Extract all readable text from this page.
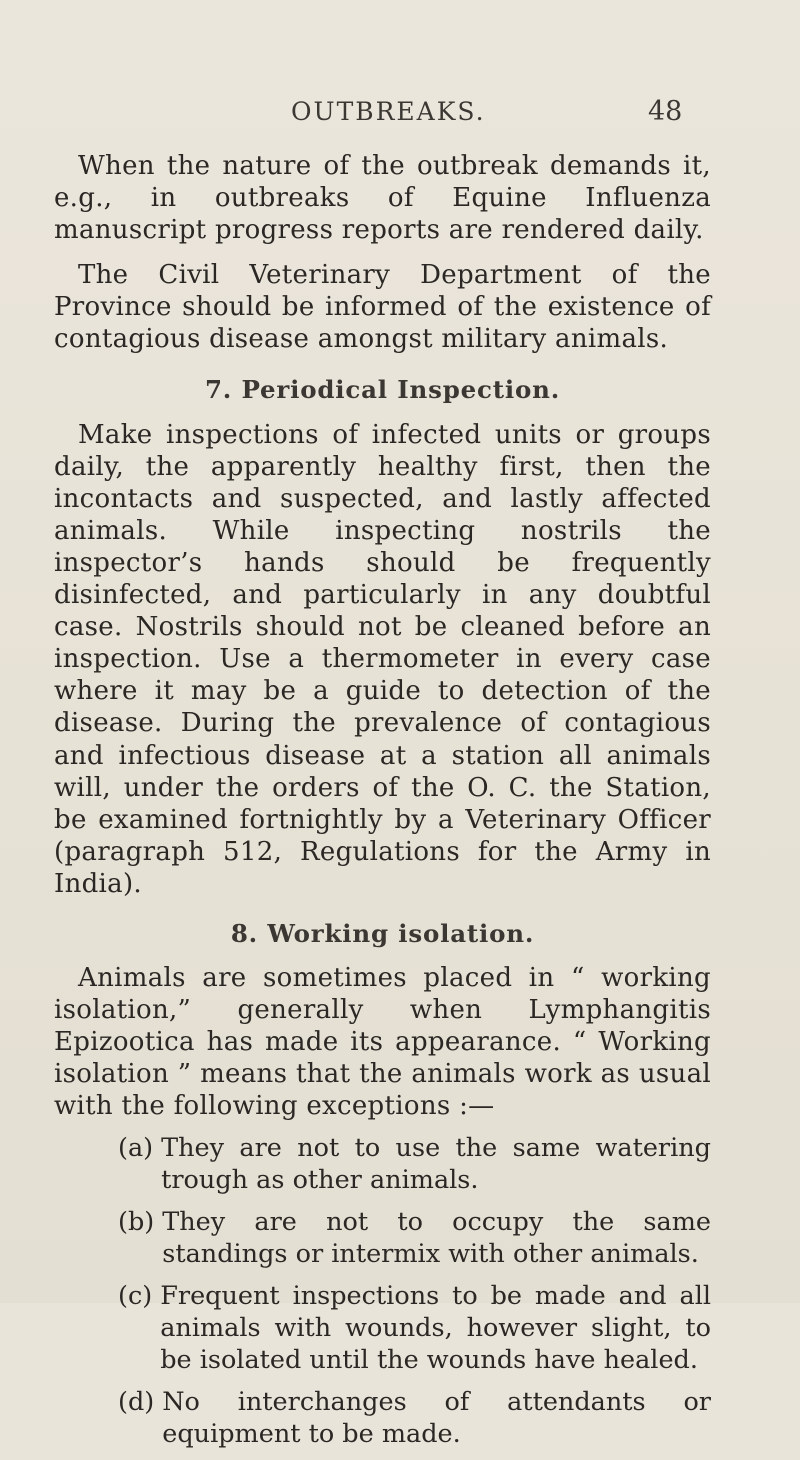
OUTBREAKS.	48

When the nature of the outbreak demands it, e.g., in outbreaks of Equine Influenza manuscript progress reports are rendered daily.

The Civil Veterinary Department of the Province should be informed of the existence of contagious disease amongst military animals.

7. Periodical Inspection.

Make inspections of infected units or groups daily, the apparently healthy first, then the incontacts and suspected, and lastly affected animals. While inspecting nostrils the inspector’s hands should be frequently disinfected, and particularly in any doubtful case. Nostrils should not be cleaned before an inspection. Use a thermometer in every case where it may be a guide to detection of the disease. During the prevalence of contagious and infectious disease at a station all animals will, under the orders of the O. C. the Station, be examined fortnightly by a Veterinary Officer (paragraph 512, Regulations for the Army in India).

8. Working isolation.

Animals are sometimes placed in “ working isolation,” generally when Lymphangitis Epizootica has made its appearance. “ Working isolation ” means that the animals work as usual with the following exceptions :—

(a) They are not to use the same watering trough as other animals.
(b) They are not to occupy the same standings or intermix with other animals.
(c) Frequent inspections to be made and all animals with wounds, however slight, to be isolated until the wounds have healed.
(d) No interchanges of attendants or equipment to be made.
